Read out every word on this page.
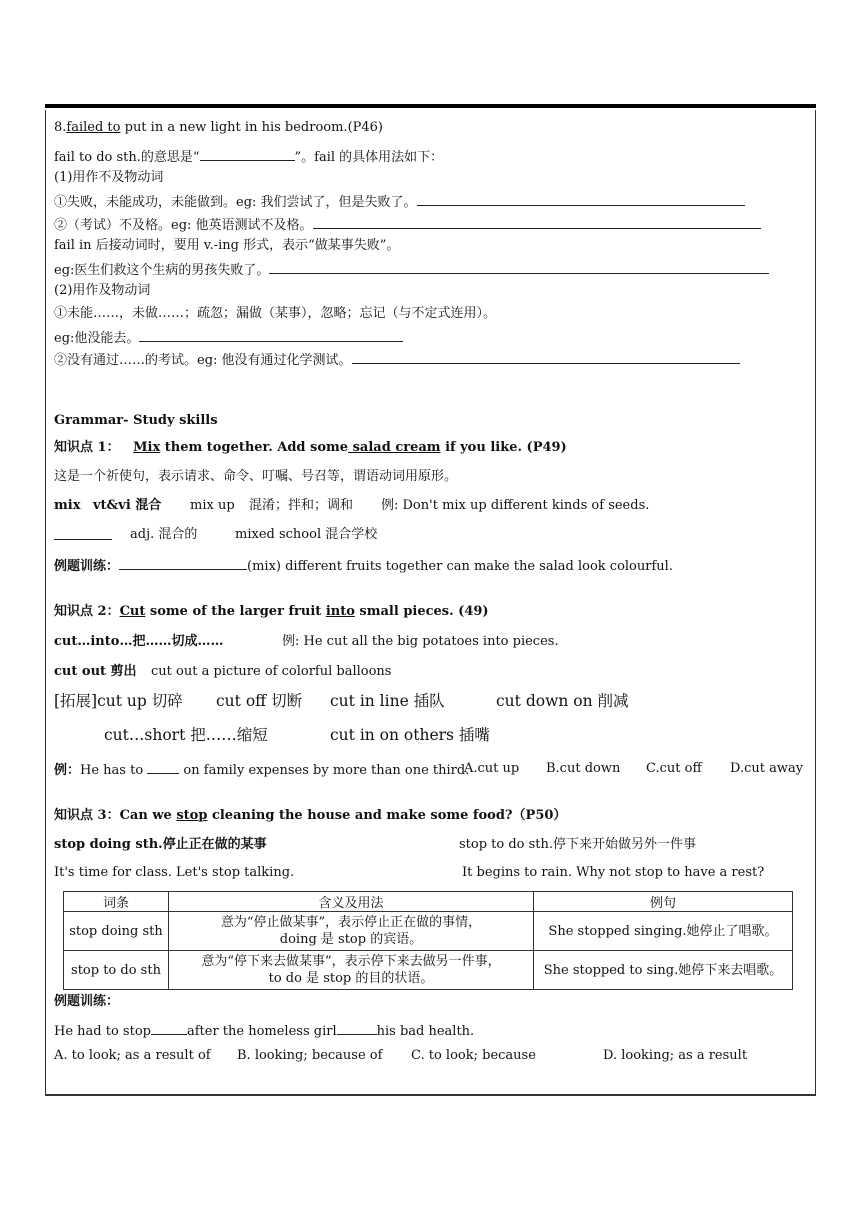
8.failed to put in a new light in his bedroom.(P46)
fail to do sth.的意思是“	”。fail 的具体用法如下：
(1)用作不及物动词
①失败，未能成功，未能做到。eg: 我们尝试了，但是失败了。
②（考试）不及格。eg: 他英语测试不及格。
fail in 后接动词时，要用 v.-ing 形式，表示“做某事失败”。
eg:医生们救这个生病的男孩失败了。
(2)用作及物动词
①未能……，未做……；疏忽；漏做（某事），忽略；忘记（与不定式连用）。
eg:他没能去。
②没有通过……的考试。eg: 他没有通过化学测试。
Grammar- Study skills
知识点 1： Mix them together. Add some salad cream if you like. (P49)
这是一个祈使句，表示请求、命令、叮嘱、号召等，谓语动词用原形。
mix vt&vi 混合 mix up 混淆；拌和；调和 例: Don't mix up different kinds of seeds.
adj. 混合的	mixed school 混合学校
例题训练：	(mix) different fruits together can make the salad look colourful.
知识点 2：Cut some of the larger fruit into small pieces. (49)
cut…into…把……切成……	例: He cut all the big potatoes into pieces.
cut out 剪出 cut out a picture of colorful balloons
[拓展]cut up 切碎 cut off 切断 cut in line 插队	cut down on 削减
cut…short 把……缩短	cut in on others 插嘴
例：He has to  on family expenses by more than one third.
A.cut up B.cut down C.cut off D.cut away
知识点 3：Can we stop cleaning the house and make some food?（P50）
stop doing sth.停止正在做的某事	stop to do sth.停下来开始做另外一件事
It's time for class. Let's stop talking.	It begins to rain. Why not stop to have a rest?
词条	含义及用法	例句
stop doing sth	意为“停止做某事”，表示停止正在做的事情，
doing 是 stop 的宾语。	She stopped singing.她停止了唱歌。
stop to do sth	意为“停下来去做某事”，表示停下来去做另一件事，
to do 是 stop 的目的状语。	She stopped to sing.她停下来去唱歌。
例题训练：
He had to stop	after the homeless girl	his bad health.
A. to look; as a result of B. looking; because of C. to look; because	D. looking; as a result
